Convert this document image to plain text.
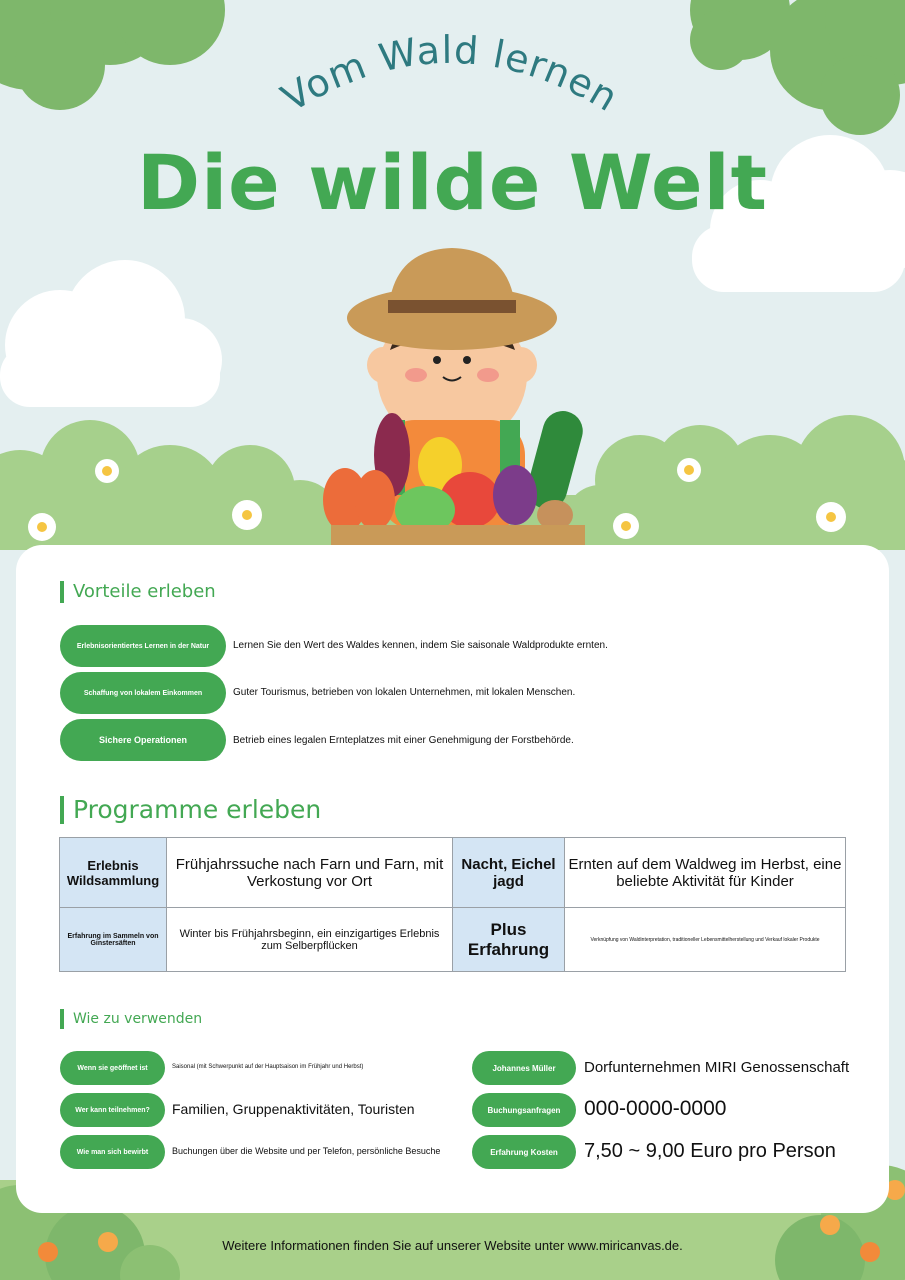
Vom Wald lernen
Die wilde Welt
Vorteile erleben
Erlebnisorientiertes Lernen in der Natur	Lernen Sie den Wert des Waldes kennen, indem Sie saisonale Waldprodukte ernten.
Schaffung von lokalem Einkommen	Guter Tourismus, betrieben von lokalen Unternehmen, mit lokalen Menschen.
Sichere Operationen	Betrieb eines legalen Ernteplatzes mit einer Genehmigung der Forstbehörde.
Programme erleben
Erlebnis Wildsammlung	Frühjahrssuche nach Farn und Farn, mit Verkostung vor Ort	Nacht, Eichel jagd	Ernten auf dem Waldweg im Herbst, eine beliebte Aktivität für Kinder
Erfahrung im Sammeln von Ginstersäften	Winter bis Frühjahrsbeginn, ein einzigartiges Erlebnis zum Selberpflücken	Plus Erfahrung	Verknüpfung von Waldinterpretation, traditioneller Lebensmittelherstellung und Verkauf lokaler Produkte
Wie zu verwenden
Wenn sie geöffnet ist	Saisonal (mit Schwerpunkt auf der Hauptsaison im Frühjahr und Herbst)
Wer kann teilnehmen?	Familien, Gruppenaktivitäten, Touristen
Wie man sich bewirbt	Buchungen über die Website und per Telefon, persönliche Besuche
Johannes Müller	Dorfunternehmen MIRI Genossenschaft
Buchungsanfragen	000-0000-0000
Erfahrung Kosten	7,50 ~ 9,00 Euro pro Person
Weitere Informationen finden Sie auf unserer Website unter www.miricanvas.de.
